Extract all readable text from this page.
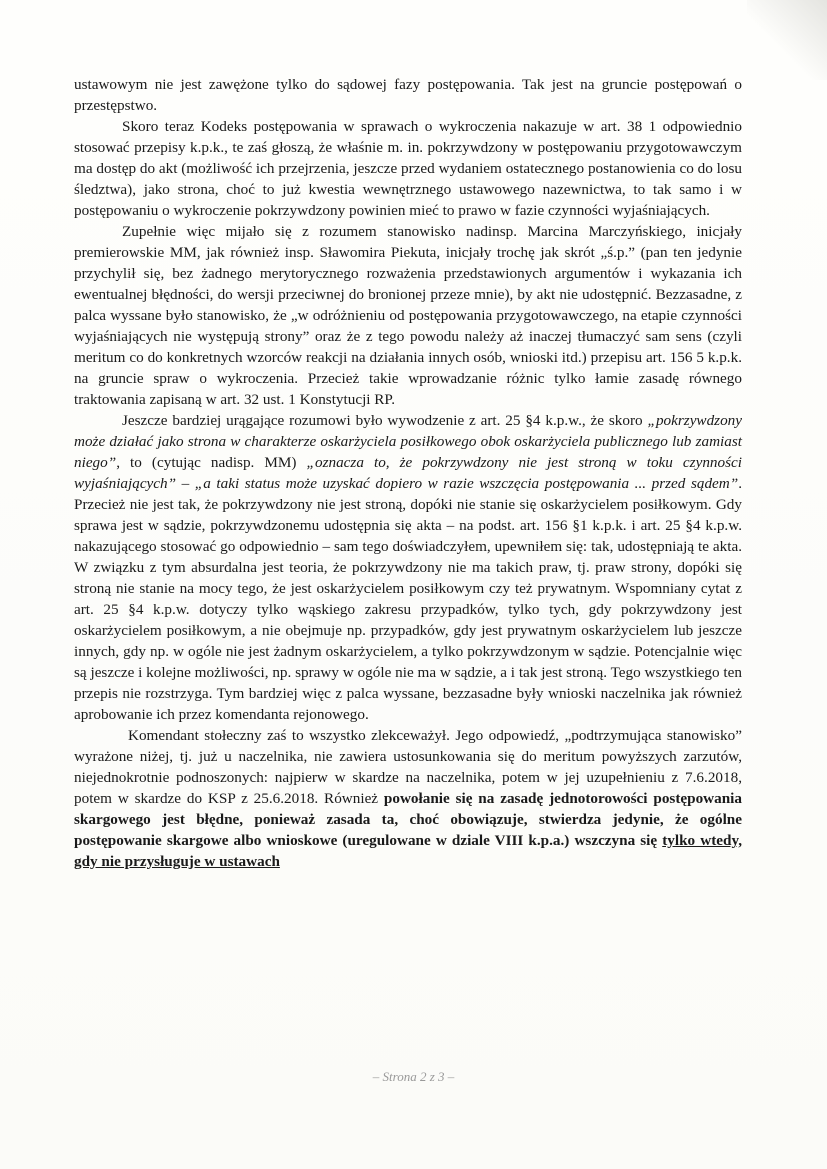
ustawowym nie jest zawężone tylko do sądowej fazy postępowania. Tak jest na gruncie postępowań o przestępstwo.

Skoro teraz Kodeks postępowania w sprawach o wykroczenia nakazuje w art. 38 1 odpowiednio stosować przepisy k.p.k., te zaś głoszą, że właśnie m. in. pokrzywdzony w postępowaniu przygotowawczym ma dostęp do akt (możliwość ich przejrzenia, jeszcze przed wydaniem ostatecznego postanowienia co do losu śledztwa), jako strona, choć to już kwestia wewnętrznego ustawowego nazewnictwa, to tak samo i w postępowaniu o wykroczenie pokrzywdzony powinien mieć to prawo w fazie czynności wyjaśniających.

Zupełnie więc mijało się z rozumem stanowisko nadinsp. Marcina Marczyńskiego, inicjały premierowskie MM, jak również insp. Sławomira Piekuta, inicjały trochę jak skrót „ś.p.” (pan ten jedynie przychylił się, bez żadnego merytorycznego rozważenia przedstawionych argumentów i wykazania ich ewentualnej błędności, do wersji przeciwnej do bronionej przeze mnie), by akt nie udostępnić. Bezzasadne, z palca wyssane było stanowisko, że „w odróżnieniu od postępowania przygotowawczego, na etapie czynności wyjaśniających nie występują strony” oraz że z tego powodu należy aż inaczej tłumaczyć sam sens (czyli meritum co do konkretnych wzorców reakcji na działania innych osób, wnioski itd.) przepisu art. 156 5 k.p.k. na gruncie spraw o wykroczenia. Przecież takie wprowadzanie różnic tylko łamie zasadę równego traktowania zapisaną w art. 32 ust. 1 Konstytucji RP.

Jeszcze bardziej urągające rozumowi było wywodzenie z art. 25 §4 k.p.w., że skoro „pokrzywdzony może działać jako strona w charakterze oskarżyciela posiłkowego obok oskarżyciela publicznego lub zamiast niego”, to (cytując nadisp. MM) „oznacza to, że pokrzywdzony nie jest stroną w toku czynności wyjaśniających” – „a taki status może uzyskać dopiero w razie wszczęcia postępowania ... przed sądem”. Przecież nie jest tak, że pokrzywdzony nie jest stroną, dopóki nie stanie się oskarżycielem posiłkowym. Gdy sprawa jest w sądzie, pokrzywdzonemu udostępnia się akta – na podst. art. 156 §1 k.p.k. i art. 25 §4 k.p.w. nakazującego stosować go odpowiednio – sam tego doświadczyłem, upewniłem się: tak, udostępniają te akta. W związku z tym absurdalna jest teoria, że pokrzywdzony nie ma takich praw, tj. praw strony, dopóki się stroną nie stanie na mocy tego, że jest oskarżycielem posiłkowym czy też prywatnym. Wspomniany cytat z art. 25 §4 k.p.w. dotyczy tylko wąskiego zakresu przypadków, tylko tych, gdy pokrzywdzony jest oskarżycielem posiłkowym, a nie obejmuje np. przypadków, gdy jest prywatnym oskarżycielem lub jeszcze innych, gdy np. w ogóle nie jest żadnym oskarżycielem, a tylko pokrzywdzonym w sądzie. Potencjalnie więc są jeszcze i kolejne możliwości, np. sprawy w ogóle nie ma w sądzie, a i tak jest stroną. Tego wszystkiego ten przepis nie rozstrzyga. Tym bardziej więc z palca wyssane, bezzasadne były wnioski naczelnika jak również aprobowanie ich przez komendanta rejonowego.

Komendant stołeczny zaś to wszystko zlekceważył. Jego odpowiedź, „podtrzymująca stanowisko” wyrażone niżej, tj. już u naczelnika, nie zawiera ustosunkowania się do meritum powyższych zarzutów, niejednokrotnie podnoszonych: najpierw w skardze na naczelnika, potem w jej uzupełnieniu z 7.6.2018, potem w skardze do KSP z 25.6.2018. Również powołanie się na zasadę jednotorowości postępowania skargowego jest błędne, ponieważ zasada ta, choć obowiązuje, stwierdza jedynie, że ogólne postępowanie skargowe albo wnioskowe (uregulowane w dziale VIII k.p.a.) wszczyna się tylko wtedy, gdy nie przysługuje w ustawach

– Strona 2 z 3 –
